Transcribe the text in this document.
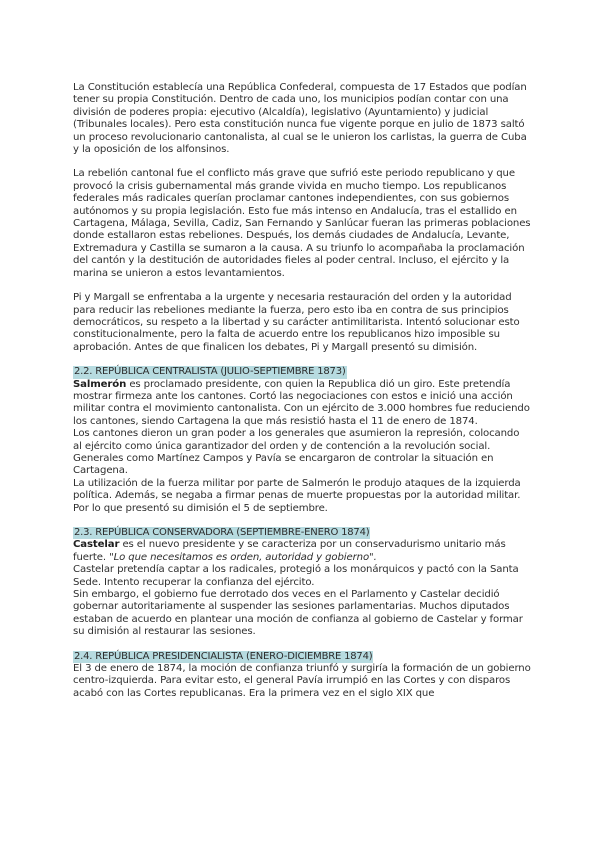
La Constitución establecía una República Confederal, compuesta de 17 Estados que podían tener su propia Constitución. Dentro de cada uno, los municipios podían contar con una división de poderes propia: ejecutivo (Alcaldía), legislativo (Ayuntamiento) y judicial (Tribunales locales). Pero esta constitución nunca fue vigente porque en julio de 1873 saltó un proceso revolucionario cantonalista, al cual se le unieron los carlistas, la guerra de Cuba y la oposición de los alfonsinos.

La rebelión cantonal fue el conflicto más grave que sufrió este periodo republicano y que provocó la crisis gubernamental más grande vivida en mucho tiempo. Los republicanos federales más radicales querían proclamar cantones independientes, con sus gobiernos autónomos y su propia legislación. Esto fue más intenso en Andalucía, tras el estallido en Cartagena, Málaga, Sevilla, Cadiz, San Fernando y Sanlúcar fueran las primeras poblaciones donde estallaron estas rebeliones. Después, los demás ciudades de Andalucía, Levante, Extremadura y Castilla se sumaron a la causa. A su triunfo lo acompañaba la proclamación del cantón y la destitución de autoridades fieles al poder central. Incluso, el ejército y la marina se unieron a estos levantamientos.

Pi y Margall se enfrentaba a la urgente y necesaria restauración del orden y la autoridad para reducir las rebeliones mediante la fuerza, pero esto iba en contra de sus principios democráticos, su respeto a la libertad y su carácter antimilitarista. Intentó solucionar esto constitucionalmente, pero la falta de acuerdo entre los republicanos hizo imposible su aprobación. Antes de que finalicen los debates, Pi y Margall presentó su dimisión.

2.2. REPÚBLICA CENTRALISTA (JULIO-SEPTIEMBRE 1873)

Salmerón es proclamado presidente, con quien la Republica dió un giro. Este pretendía mostrar firmeza ante los cantones. Cortó las negociaciones con estos e inició una acción militar contra el movimiento cantonalista. Con un ejército de 3.000 hombres fue reduciendo los cantones, siendo Cartagena la que más resistió hasta el 11 de enero de 1874.

Los cantones dieron un gran poder a los generales que asumieron la represión, colocando al ejército como única garantizador del orden y de contención a la revolución social. Generales como Martínez Campos y Pavía se encargaron de controlar la situación en Cartagena.

La utilización de la fuerza militar por parte de Salmerón le produjo ataques de la izquierda política. Además, se negaba a firmar penas de muerte propuestas por la autoridad militar. Por lo que presentó su dimisión el 5 de septiembre.

2.3. REPÚBLICA CONSERVADORA (SEPTIEMBRE-ENERO 1874)

Castelar es el nuevo presidente y se caracteriza por un conservadurismo unitario más fuerte. "Lo que necesitamos es orden, autoridad y gobierno".

Castelar pretendía captar a los radicales, protegió a los monárquicos y pactó con la Santa Sede. Intento recuperar la confianza del ejército.

Sin embargo, el gobierno fue derrotado dos veces en el Parlamento y Castelar decidió gobernar autoritariamente al suspender las sesiones parlamentarias. Muchos diputados estaban de acuerdo en plantear una moción de confianza al gobierno de Castelar y formar su dimisión al restaurar las sesiones.

2.4. REPÚBLICA PRESIDENCIALISTA (ENERO-DICIEMBRE 1874)

El 3 de enero de 1874, la moción de confianza triunfó y surgiría la formación de un gobierno centro-izquierda. Para evitar esto, el general Pavía irrumpió en las Cortes y con disparos acabó con las Cortes republicanas. Era la primera vez en el siglo XIX que
